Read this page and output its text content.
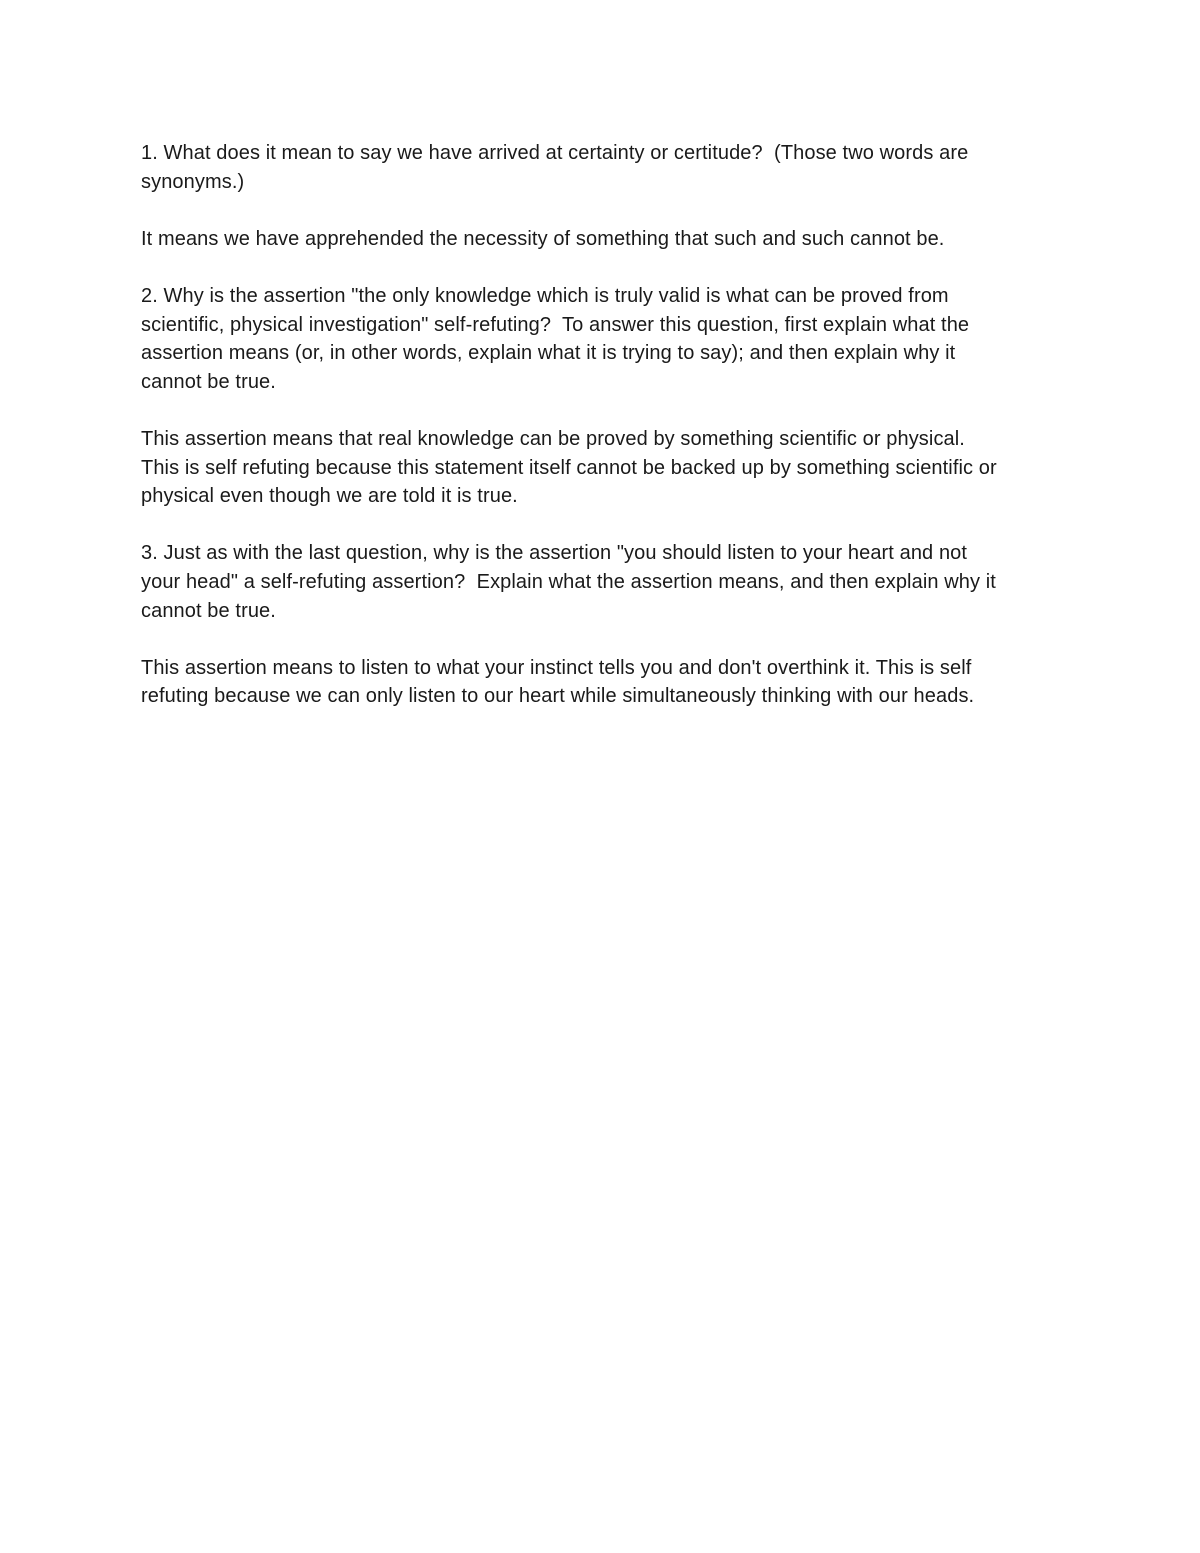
1. What does it mean to say we have arrived at certainty or certitude?  (Those two words are
synonyms.)

It means we have apprehended the necessity of something that such and such cannot be.

2. Why is the assertion "the only knowledge which is truly valid is what can be proved from
scientific, physical investigation" self-refuting?  To answer this question, first explain what the
assertion means (or, in other words, explain what it is trying to say); and then explain why it
cannot be true.

This assertion means that real knowledge can be proved by something scientific or physical.
This is self refuting because this statement itself cannot be backed up by something scientific or
physical even though we are told it is true.

3. Just as with the last question, why is the assertion "you should listen to your heart and not
your head" a self-refuting assertion?  Explain what the assertion means, and then explain why it
cannot be true.

This assertion means to listen to what your instinct tells you and don't overthink it. This is self
refuting because we can only listen to our heart while simultaneously thinking with our heads.
